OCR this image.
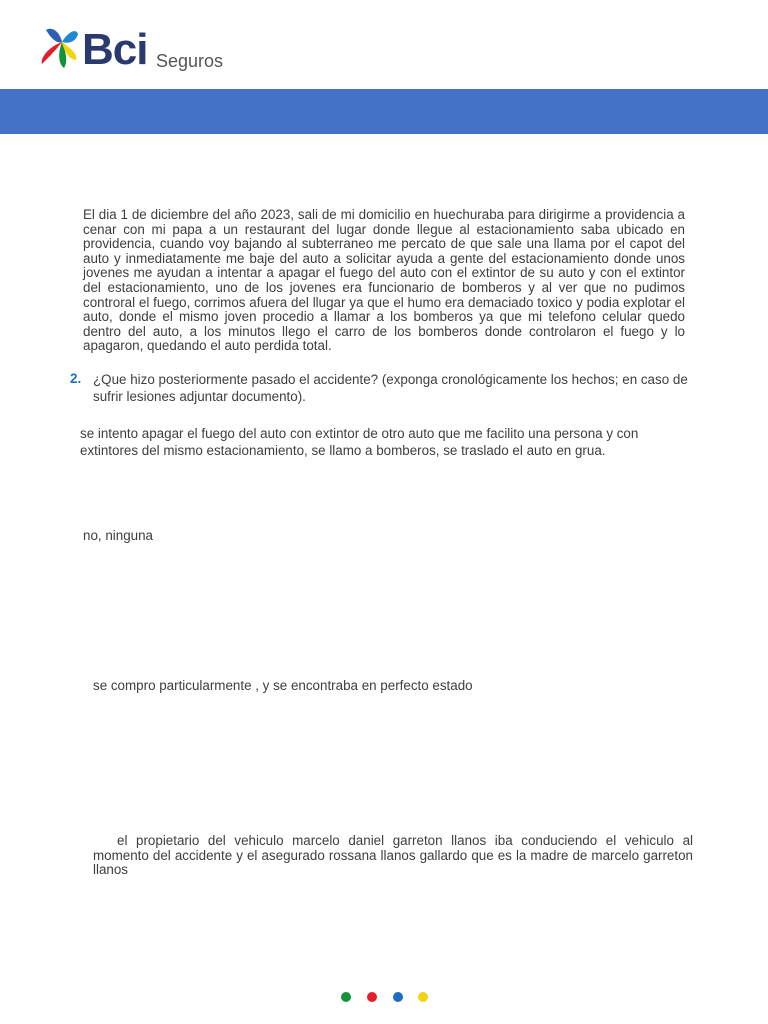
Bci Seguros
El dia 1 de diciembre del año 2023, sali de mi domicilio en huechuraba para dirigirme a providencia a cenar con mi papa a un restaurant del lugar donde llegue al estacionamiento saba ubicado en providencia, cuando voy bajando al subterraneo me percato de que sale una llama por el capot del auto y inmediatamente me baje del auto a solicitar ayuda a gente del estacionamiento donde unos jovenes me ayudan a intentar a apagar el fuego del auto con el extintor de su auto y con el extintor del estacionamiento, uno de los jovenes era funcionario de bomberos y al ver que no pudimos controral el fuego, corrimos afuera del llugar ya que el humo era demaciado toxico y podia explotar el auto, donde el mismo joven procedio a llamar a los bomberos ya que mi telefono celular quedo dentro del auto, a los minutos llego el carro de los bomberos donde controlaron el fuego y lo apagaron, quedando el auto perdida total.
2. ¿Que hizo posteriormente pasado el accidente? (exponga cronológicamente los hechos; en caso de sufrir lesiones adjuntar documento).
se intento apagar el fuego del auto con extintor de otro auto que me facilito una persona y con extintores del mismo estacionamiento, se llamo a bomberos, se traslado el auto en grua.
no, ninguna
se compro particularmente , y se encontraba en perfecto estado
el propietario del vehiculo marcelo daniel garreton llanos iba conduciendo el vehiculo al momento del accidente y el asegurado rossana llanos gallardo que es la madre de marcelo garreton llanos
